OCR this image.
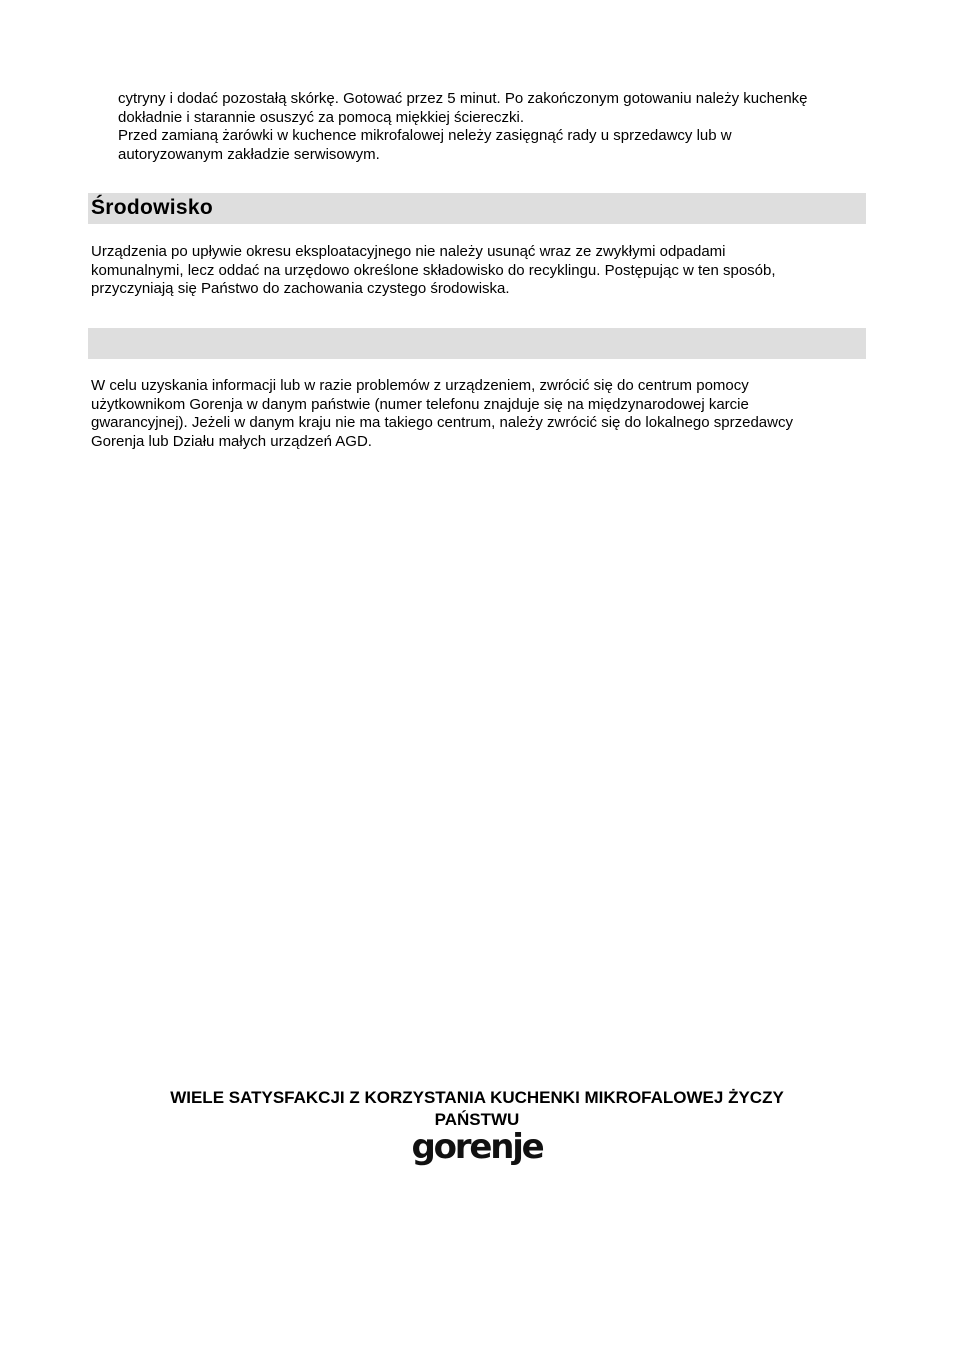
cytryny i dodać pozostałą skórkę. Gotować przez 5 minut. Po zakończonym gotowaniu należy kuchenkę

dokładnie i starannie osuszyć za pomocą miękkiej ściereczki.

Przed zamianą żarówki w kuchence mikrofalowej neleży zasięgnąć rady u sprzedawcy lub w

autoryzowanym zakładzie serwisowym.

Środowisko

Urządzenia po upływie okresu eksploatacyjnego nie należy usunąć wraz ze zwykłymi odpadami

komunalnymi, lecz oddać na urzędowo określone składowisko do recyklingu. Postępując w ten sposób,

przyczyniają się Państwo do zachowania czystego środowiska.

W celu uzyskania informacji lub w razie problemów z urządzeniem, zwrócić się do centrum pomocy

użytkownikom Gorenja w danym państwie (numer telefonu znajduje się na międzynarodowej karcie

gwarancyjnej). Jeżeli w danym kraju nie ma takiego centrum, należy zwrócić się do lokalnego sprzedawcy

Gorenja lub Działu małych urządzeń AGD.

WIELE SATYSFAKCJI Z KORZYSTANIA KUCHENKI MIKROFALOWEJ ŻYCZY

PAŃSTWU

gorenje
